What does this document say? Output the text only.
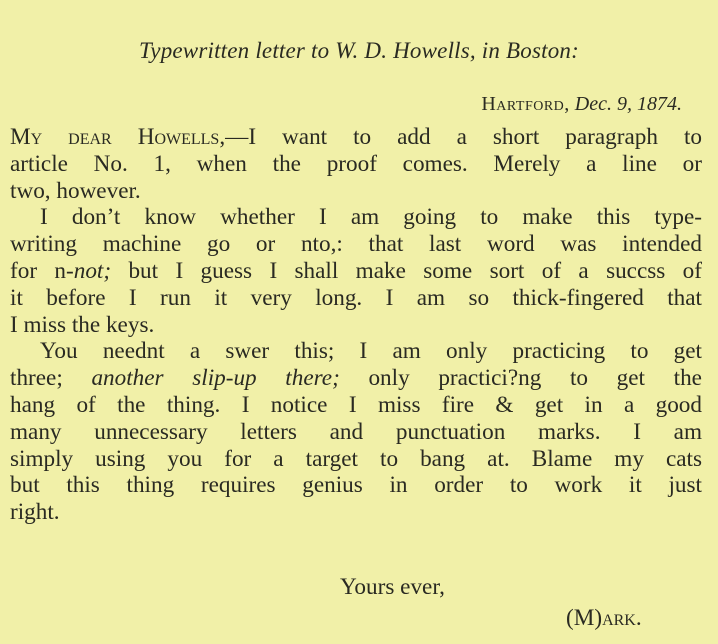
Typewritten letter to W. D. Howells, in Boston:
Hartford, Dec. 9, 1874.
My dear Howells,—I want to add a short paragraph to
article No. 1, when the proof comes. Merely a line or
two, however.
I don’t know whether I am going to make this type-
writing machine go or nto,: that last word was intended
for n-not; but I guess I shall make some sort of a succss of
it before I run it very long. I am so thick-fingered that
I miss the keys.
You neednt a swer this; I am only practicing to get
three; another slip-up there; only practici?ng to get the
hang of the thing. I notice I miss fire & get in a good
many unnecessary letters and punctuation marks. I am
simply using you for a target to bang at. Blame my cats
but this thing requires genius in order to work it just
right.
Yours ever,
(M)ark.
